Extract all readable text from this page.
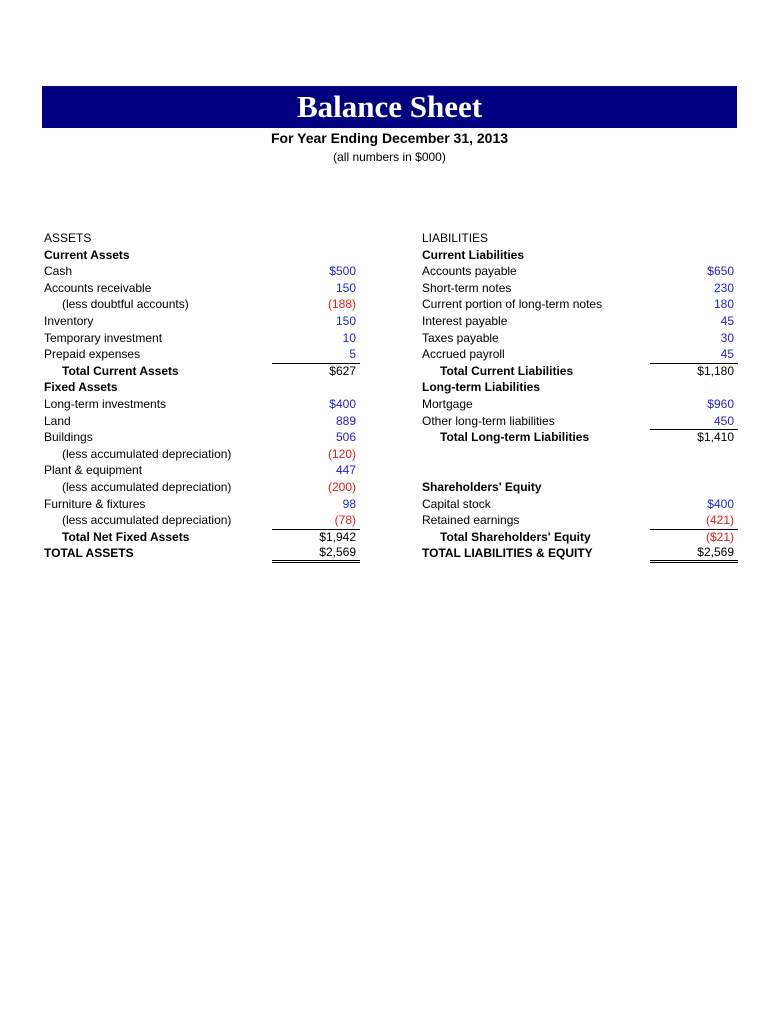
Balance Sheet
For Year Ending December 31, 2013
(all numbers in $000)
ASSETS
Current Assets
Cash	$500
Accounts receivable	150
(less doubtful accounts)	(188)
Inventory	150
Temporary investment	10
Prepaid expenses	5
Total Current Assets	$627
Fixed Assets
Long-term investments	$400
Land	889
Buildings	506
(less accumulated depreciation)	(120)
Plant & equipment	447
(less accumulated depreciation)	(200)
Furniture & fixtures	98
(less accumulated depreciation)	(78)
Total Net Fixed Assets	$1,942
TOTAL ASSETS	$2,569
LIABILITIES
Current Liabilities
Accounts payable	$650
Short-term notes	230
Current portion of long-term notes	180
Interest payable	45
Taxes payable	30
Accrued payroll	45
Total Current Liabilities	$1,180
Long-term Liabilities
Mortgage	$960
Other long-term liabilities	450
Total Long-term Liabilities	$1,410
Shareholders' Equity
Capital stock	$400
Retained earnings	(421)
Total Shareholders' Equity	($21)
TOTAL LIABILITIES & EQUITY	$2,569
